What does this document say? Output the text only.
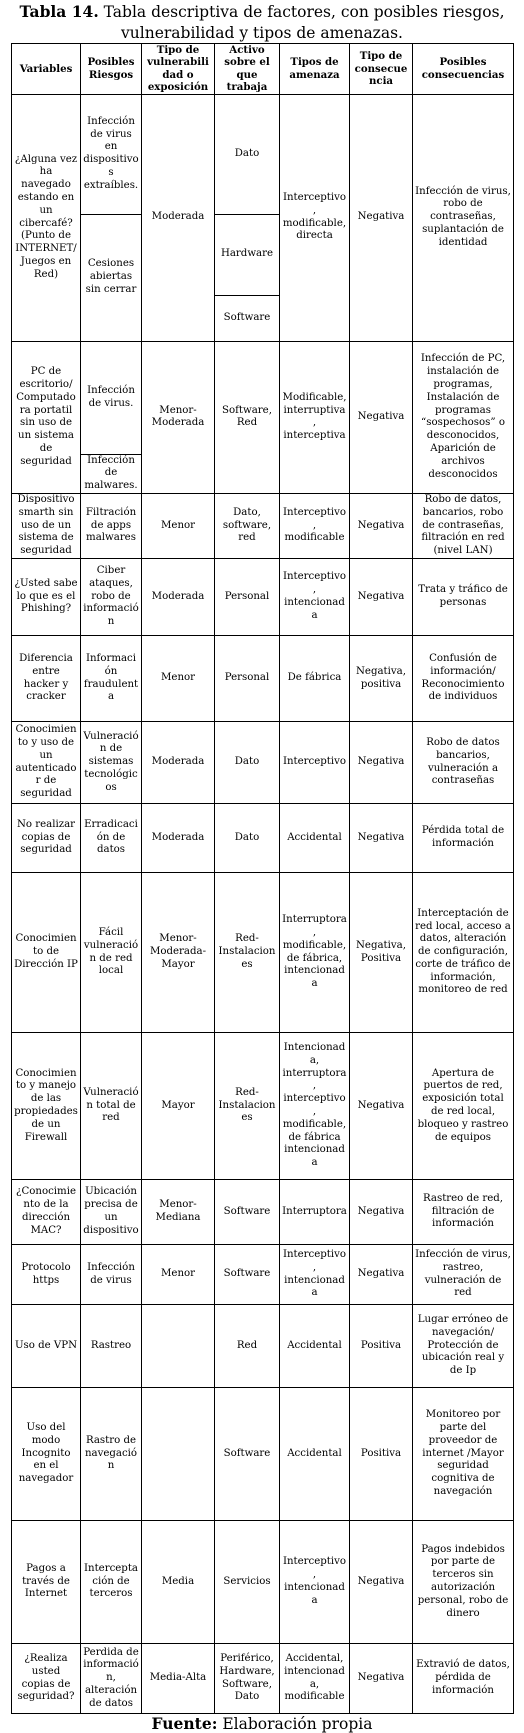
Tabla 14. Tabla descriptiva de factores, con posibles riesgos,
vulnerabilidad y tipos de amenazas.
Variables	Posibles Riesgos	Tipo de vulnerabilidad o exposición	Activo sobre el que trabaja	Tipos de amenaza	Tipo de consecuencia	Posibles consecuencias
¿Alguna vez ha navegado estando en un cibercafé? (Punto de INTERNET/ Juegos en Red)	Infección de virus en dispositivos extraíbles.	Moderada	Dato	Interceptivo, modificable, directa	Negativa	Infección de virus, robo de contraseñas, suplantación de identidad

	Cesiones abiertas sin cerrar		Hardware			

			Software			
PC de escritorio/ Computadora portatil sin uso de un sistema de seguridad	Infección de virus.	Menor-Moderada	Software, Red	Modificable, interruptiva, interceptiva	Negativa	Infección de PC, instalación de programas, Instalación de programas “sospechosos” o desconocidos, Aparición de archivos desconocidos
	Infección de malwares.					
Dispositivo smarth sin uso de un sistema de seguridad	Filtración de apps malwares	Menor	Dato, software, red	Interceptivo, modificable	Negativa	Robo de datos, bancarios, robo de contraseñas, filtración en red (nivel LAN)
¿Usted sabe lo que es el Phishing?	Ciber ataques, robo de información	Moderada	Personal	Interceptivo, intencionada	Negativa	Trata y tráfico de personas
Diferencia entre hacker y cracker	Información fraudulenta	Menor	Personal	De fábrica	Negativa, positiva	Confusión de información/ Reconocimiento de individuos
Conocimiento y uso de un autenticador de seguridad	Vulneración de sistemas tecnológicos	Moderada	Dato	Interceptivo	Negativa	Robo de datos bancarios, vulneración a contraseñas
No realizar copias de seguridad	Erradicación de datos	Moderada	Dato	Accidental	Negativa	Pérdida total de información
Conocimiento de Dirección IP	Fácil vulneración de red local	Menor-Moderada-Mayor	Red-Instalaciones	Interruptora, modificable, de fábrica, intencionada	Negativa, Positiva	Interceptación de red local, acceso a datos, alteración de configuración, corte de tráfico de información, monitoreo de red
Conocimiento y manejo de las propiedades de un Firewall	Vulneración total de red	Mayor	Red-Instalaciones	Intencionada, interruptora, interceptivo, modificable, de fábrica intencionada	Negativa	Apertura de puertos de red, exposición total de red local, bloqueo y rastreo de equipos
¿Conocimiento de la dirección MAC?	Ubicación precisa de un dispositivo	Menor-Mediana	Software	Interruptora	Negativa	Rastreo de red, filtración de información
Protocolo https	Infección de virus	Menor	Software	Interceptivo, intencionada	Negativa	Infección de virus, rastreo, vulneración de red
Uso de VPN	Rastreo		Red	Accidental	Positiva	Lugar erróneo de navegación/ Protección de ubicación real y de Ip
Uso del modo Incognito en el navegador	Rastro de navegación		Software	Accidental	Positiva	Monitoreo por parte del proveedor de internet /Mayor seguridad cognitiva de navegación
Pagos a través de Internet	Interceptación de terceros	Media	Servicios	Interceptivo, intencionada	Negativa	Pagos indebidos por parte de terceros sin autorización personal, robo de dinero
¿Realiza usted copias de seguridad?	Perdida de información, alteración de datos	Media-Alta	Periférico, Hardware, Software, Dato	Accidental, intencionada, modificable	Negativa	Extravió de datos, pérdida de información
Fuente: Elaboración propia
